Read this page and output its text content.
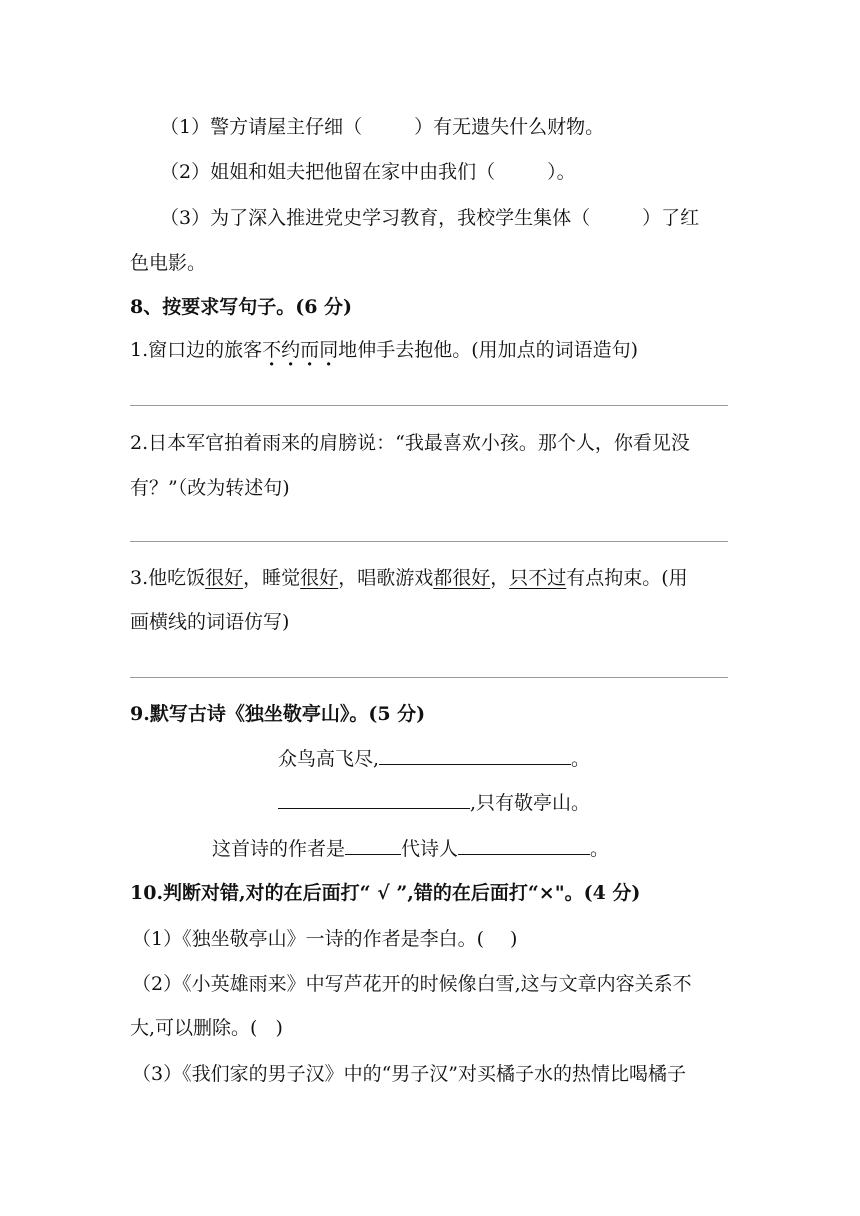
（1）警方请屋主仔细（	）有无遗失什么财物。
（2）姐姐和姐夫把他留在家中由我们（	）。
（3）为了深入推进党史学习教育，我校学生集体（	）了红
色电影。
8、按要求写句子。(6 分)
1.窗口边的旅客不约而同地伸手去抱他。(用加点的词语造句)
2.日本军官拍着雨来的肩膀说：“我最喜欢小孩。那个人，你看见没
有？”（改为转述句)
3.他吃饭很好，睡觉很好，唱歌游戏都很好，只不过有点拘束。(用
画横线的词语仿写)
9.默写古诗《独坐敬亭山》。(5 分)
众鸟高飞尽,	。
,只有敬亭山。
这首诗的作者是	代诗人	。
10.判断对错,对的在后面打“ √ ”,错的在后面打“×"。(4 分)
（1）《独坐敬亭山》一诗的作者是李白。( )
（2）《小英雄雨来》中写芦花开的时候像白雪,这与文章内容关系不
大,可以删除。( )
（3）《我们家的男子汉》中的“男子汉”对买橘子水的热情比喝橘子
